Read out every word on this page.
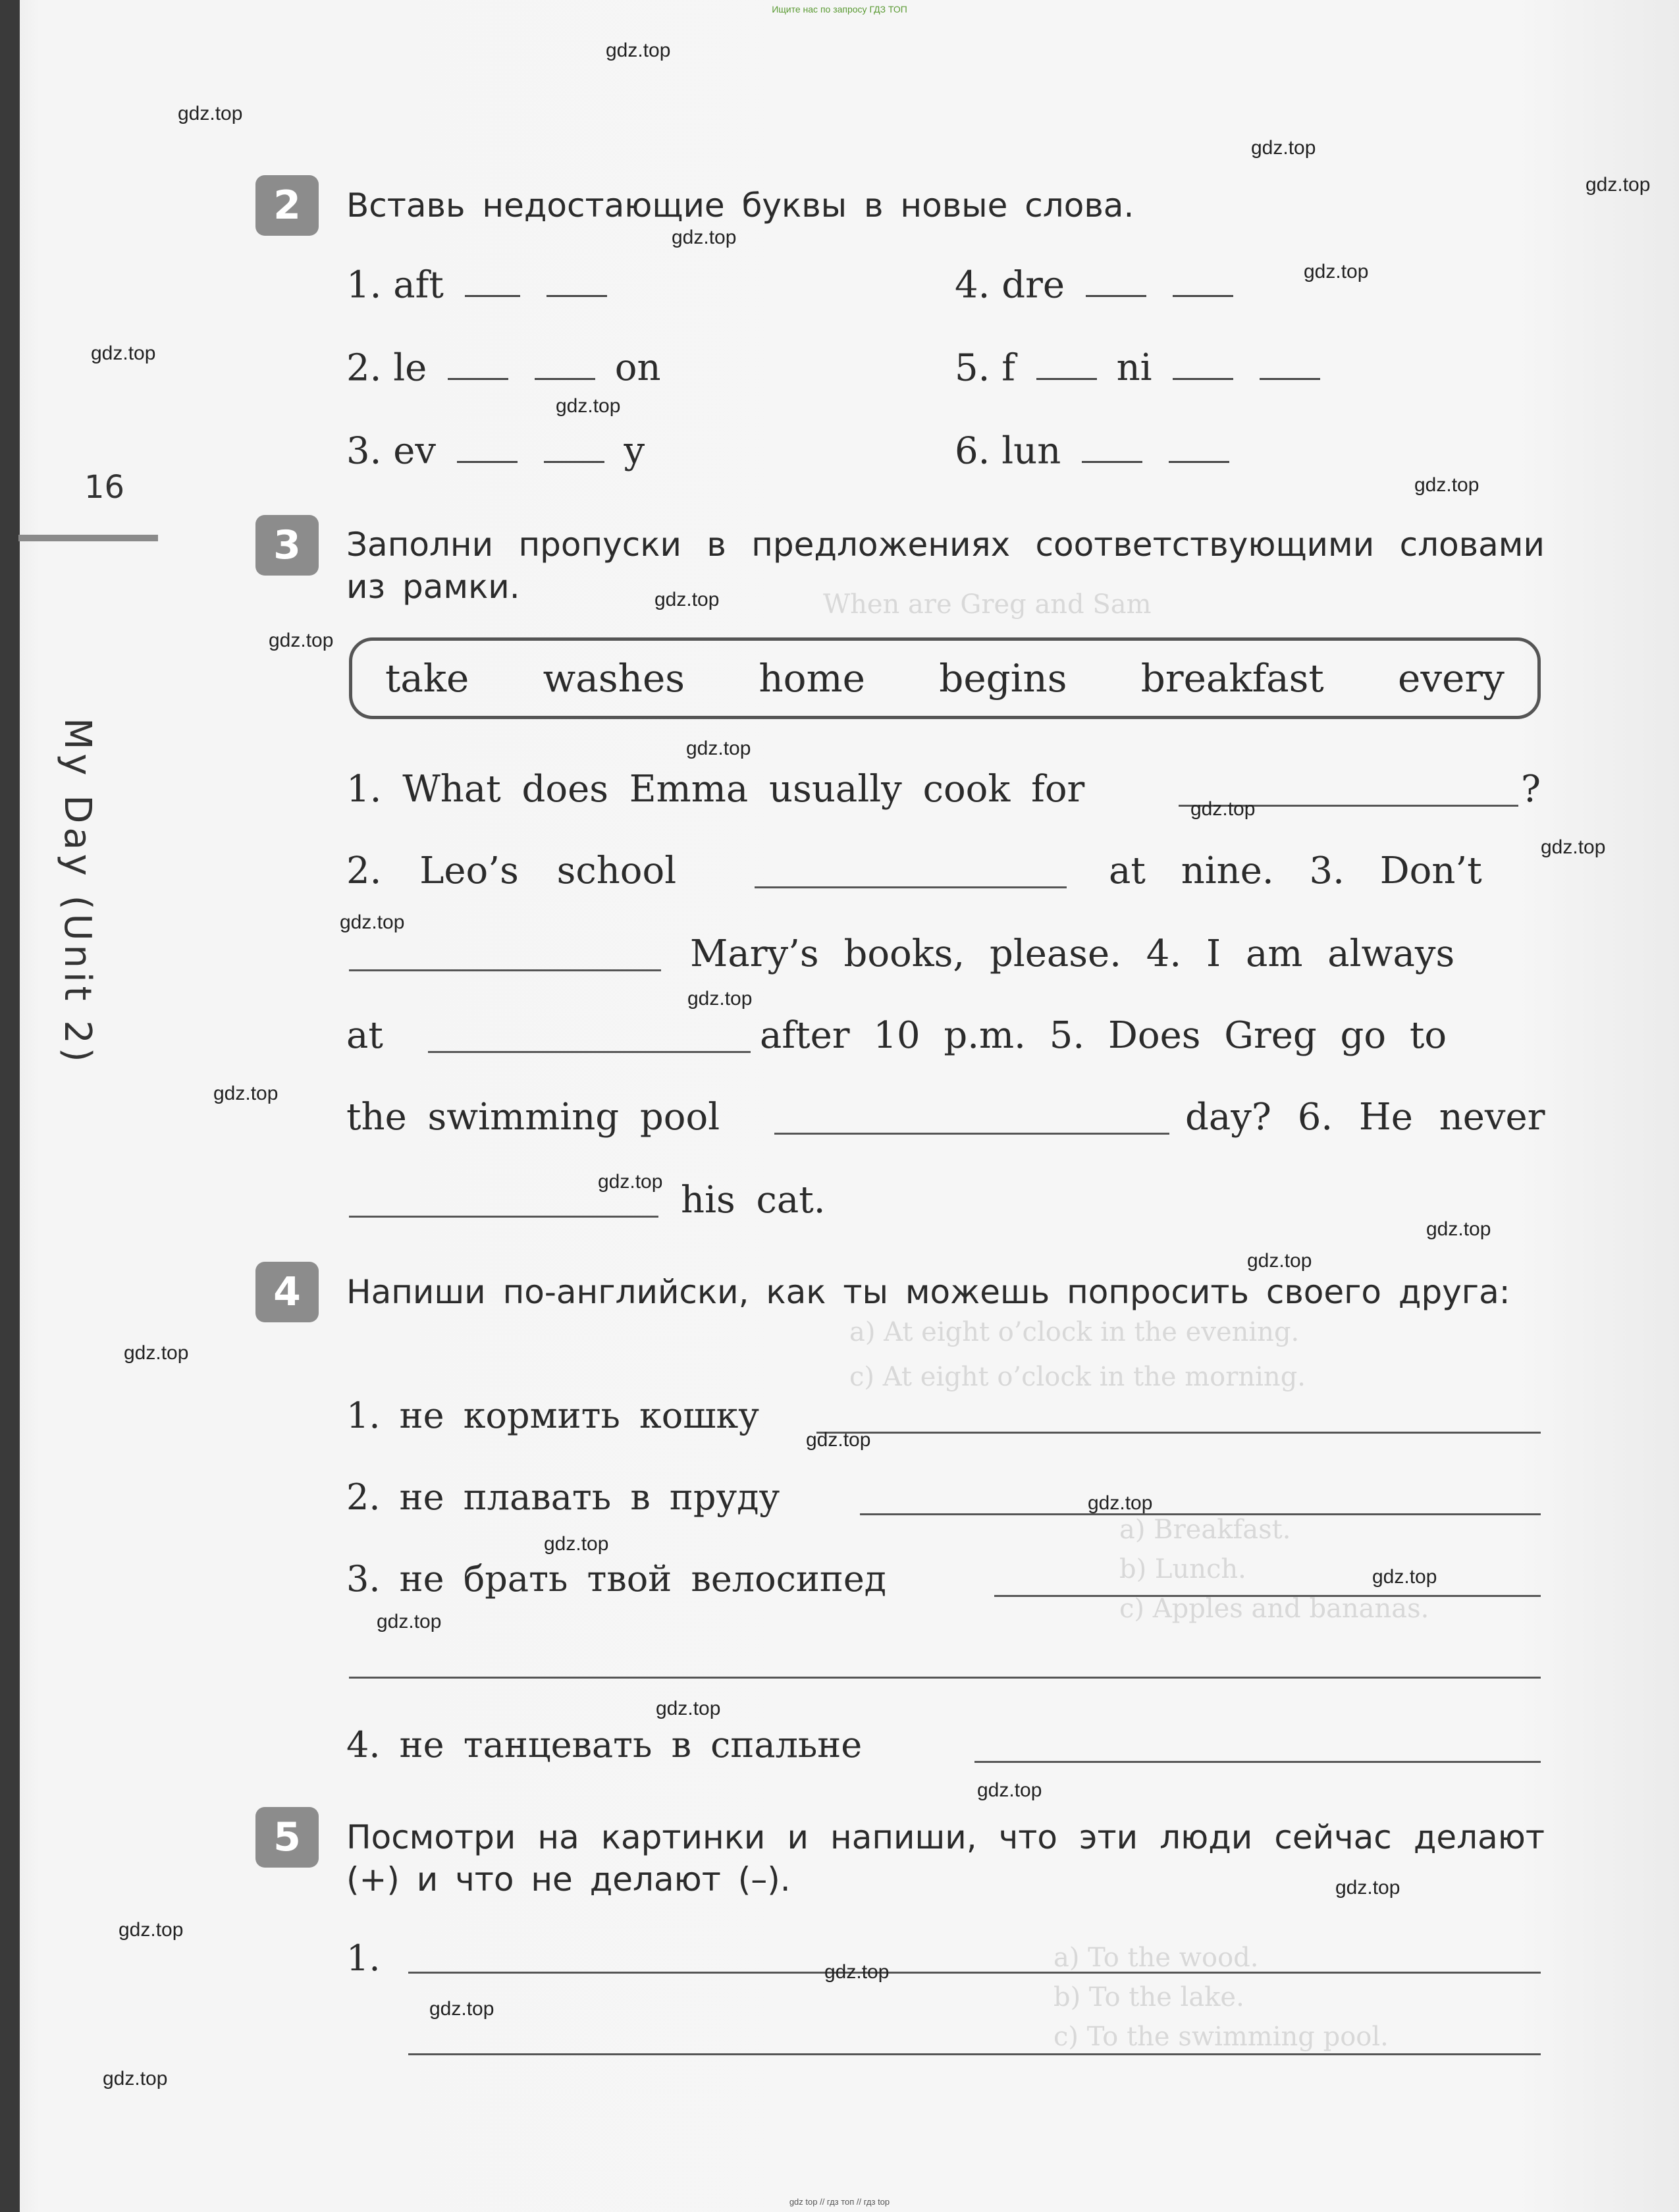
Ищите нас по запросу ГДЗ ТОП
When are Greg and Sam
a) At eight o’clock in the evening.
c) At eight o’clock in the morning.
a) Breakfast.
b) Lunch.
c) Apples and bananas.
a) To the wood.
b) To the lake.
c) To the swimming pool.
16
My Day (Unit 2)
2	Вставь недостающие буквы в новые слова.
1. aft
2. le	on
3. ev	y
4. dre
5. f	ni
6. lun
3	Заполни пропуски в предложениях соответствующими словами из рамки.
take washes home begins breakfast every
1. What does Emma usually cook for	?
2. Leo’s school	at nine. 3. Don’t
Mary’s books, please. 4. I am always
at	after 10 p.m. 5. Does Greg go to
the swimming pool	day? 6. He never
his cat.
4	Напиши по-английски, как ты можешь попросить своего друга:
1. не кормить кошку
2. не плавать в пруду
3. не брать твой велосипед
4. не танцевать в спальне
5	Посмотри на картинки и напиши, что эти люди сейчас делают (+) и что не делают (–).
1.
gdz.top
gdz.top
gdz.top
gdz.top
gdz.top
gdz.top
gdz.top
gdz.top
gdz.top
gdz.top
gdz.top
gdz.top
gdz.top
gdz.top
gdz.top
gdz.top
gdz.top
gdz.top
gdz.top
gdz.top
gdz.top
gdz.top
gdz.top
gdz.top
gdz.top
gdz.top
gdz.top
gdz.top
gdz.top
gdz.top
gdz.top
gdz.top
gdz.top
gdz top // гдз топ // гдз top
